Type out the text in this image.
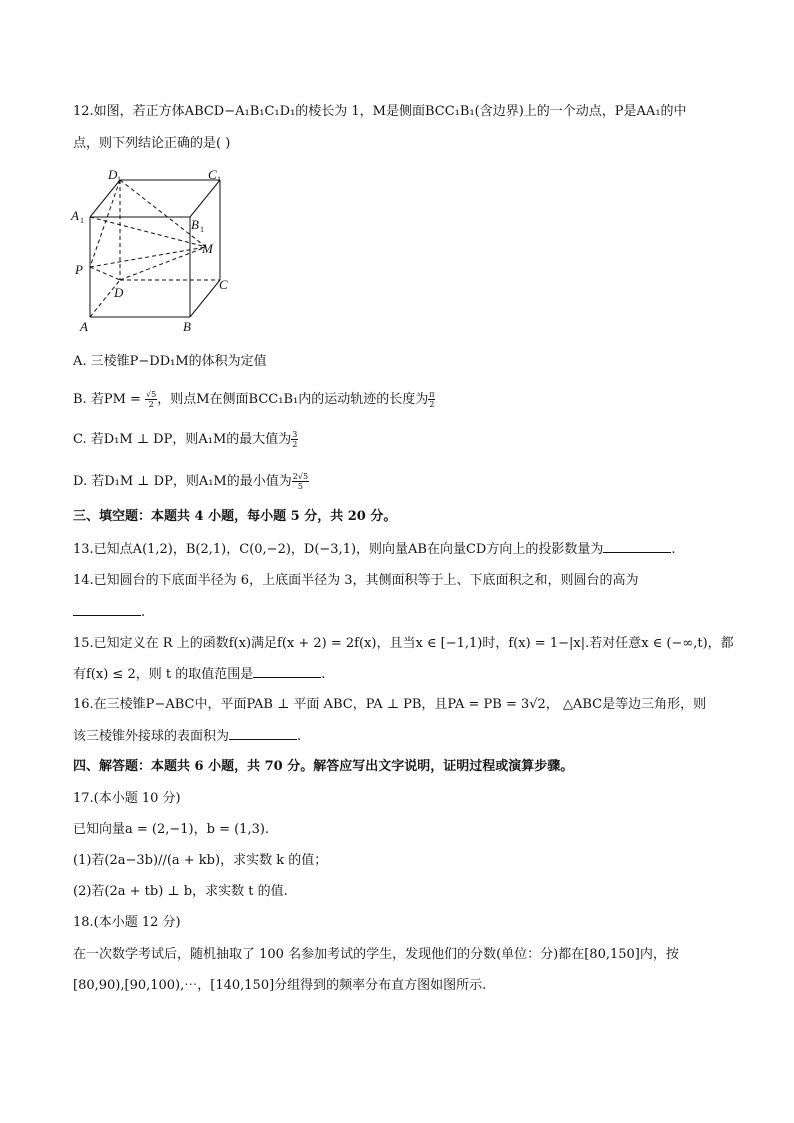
12.如图，若正方体ABCD−A₁B₁C₁D₁的棱长为 1，M是侧面BCC₁B₁(含边界)上的一个动点，P是AA₁的中
点，则下列结论正确的是( )
D 1	C 1
A 1	B 1
M
P
D
C
A	B
A. 三棱锥P−DD₁M的体积为定值
B. 若PM = $\frac{√5}{2}$ ，则点M在侧面BCC₁B₁内的运动轨迹的长度为 $\frac{\pi}{2}$
C. 若D₁M ⊥ DP，则A₁M的最大值为 $\frac{3}{2}$
D. 若D₁M ⊥ DP，则A₁M的最小值为 $\frac{2√5}{5}$
三、填空题：本题共 4 小题，每小题 5 分，共 20 分。
13.已知点A(1,2)，B(2,1)，C(0,−2)，D(−3,1)，则向量AB在向量CD方向上的投影数量为	.
14.已知圆台的下底面半径为 6，上底面半径为 3，其侧面积等于上、下底面积之和，则圆台的高为
.
15.已知定义在 R 上的函数f(x)满足f(x + 2) = 2f(x)，且当x ∈ [−1,1)时，f(x) = 1−|x|.若对任意x ∈ (−∞,t)，都
有f(x) ≤ 2，则 t 的取值范围是	.
16.在三棱锥P−ABC中，平面PAB ⊥ 平面 ABC，PA ⊥ PB，且PA = PB = 3√2， △ABC是等边三角形，则
该三棱锥外接球的表面积为	.
四、解答题：本题共 6 小题，共 70 分。解答应写出文字说明，证明过程或演算步骤。
17.(本小题 10 分)
已知向量a = (2,−1)，b = (1,3).
(1)若(2a−3b)//(a + kb)，求实数 k 的值；
(2)若(2a + tb) ⊥ b，求实数 t 的值.
18.(本小题 12 分)
在一次数学考试后，随机抽取了 100 名参加考试的学生，发现他们的分数(单位：分)都在[80,150]内，按
[80,90),[90,100),⋯，[140,150]分组得到的频率分布直方图如图所示.
